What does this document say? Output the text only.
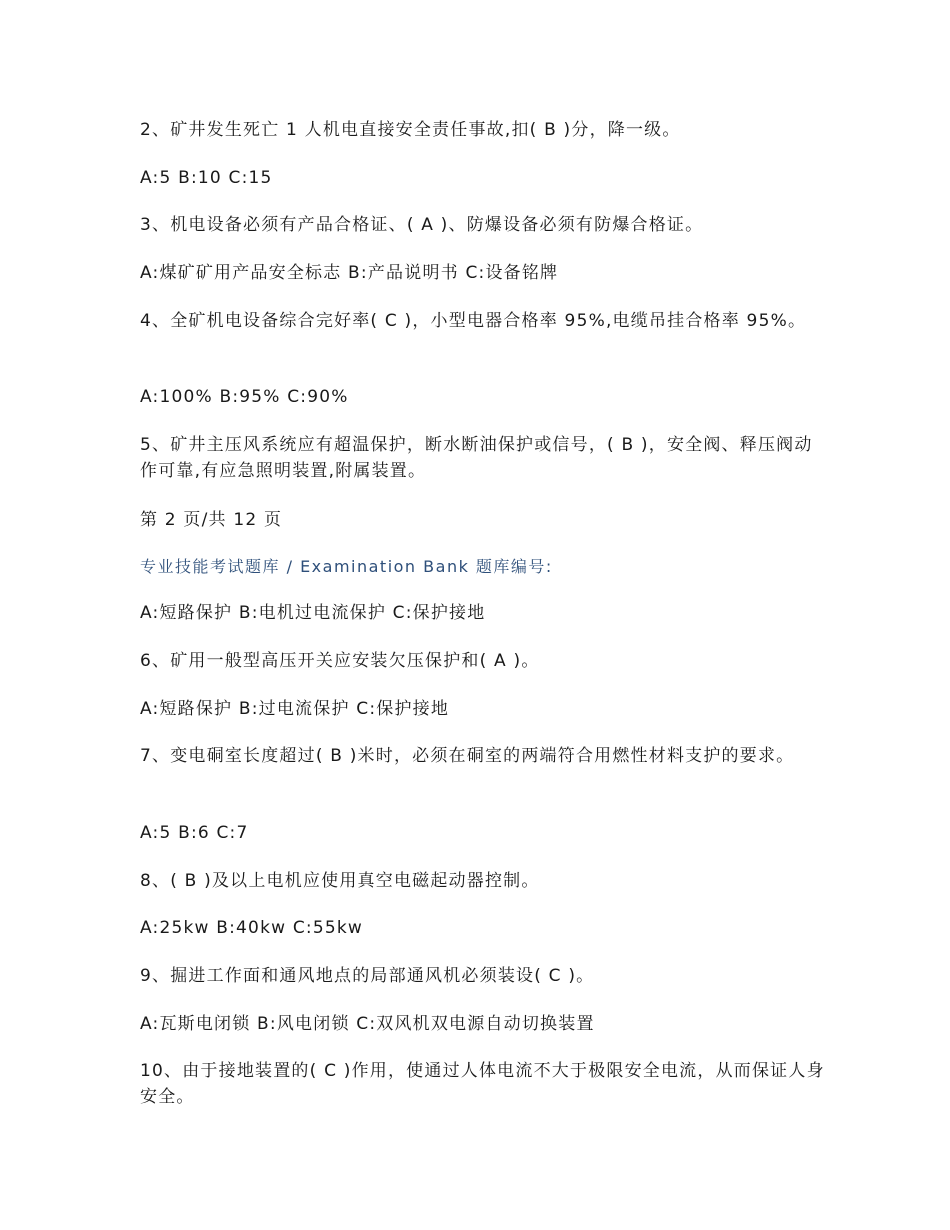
2、矿井发生死亡 1 人机电直接安全责任事故,扣( B )分，降一级。

A:5 B:10 C:15

3、机电设备必须有产品合格证、( A )、防爆设备必须有防爆合格证。

A:煤矿矿用产品安全标志 B:产品说明书 C:设备铭牌

4、全矿机电设备综合完好率( C )，小型电器合格率 95%,电缆吊挂合格率 95%。

A:100% B:95% C:90%

5、矿井主压风系统应有超温保护，断水断油保护或信号，( B )，安全阀、释压阀动作可靠,有应急照明装置,附属装置。

第 2 页/共 12 页

专业技能考试题库 / Examination Bank 题库编号:

A:短路保护 B:电机过电流保护 C:保护接地

6、矿用一般型高压开关应安装欠压保护和( A )。

A:短路保护 B:过电流保护 C:保护接地

7、变电硐室长度超过( B )米时，必须在硐室的两端符合用燃性材料支护的要求。

A:5 B:6 C:7

8、( B )及以上电机应使用真空电磁起动器控制。

A:25kw B:40kw C:55kw

9、掘进工作面和通风地点的局部通风机必须装设( C )。

A:瓦斯电闭锁 B:风电闭锁 C:双风机双电源自动切换装置

10、由于接地装置的( C )作用，使通过人体电流不大于极限安全电流，从而保证人身安全。
